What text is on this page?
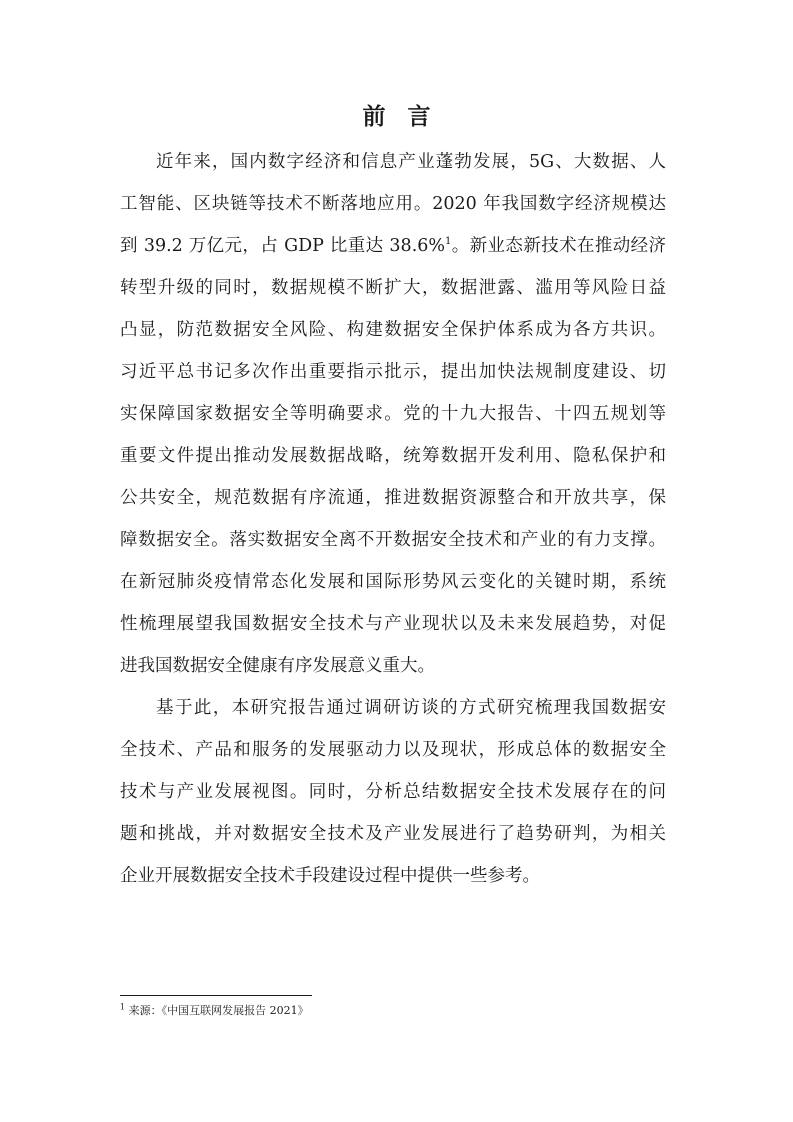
前 言
近年来，国内数字经济和信息产业蓬勃发展，5G、大数据、人
工智能、区块链等技术不断落地应用。2020 年我国数字经济规模达
到 39.2 万亿元，占 GDP 比重达 38.6%$^1$。新业态新技术在推动经济
转型升级的同时，数据规模不断扩大，数据泄露、滥用等风险日益
凸显，防范数据安全风险、构建数据安全保护体系成为各方共识。
习近平总书记多次作出重要指示批示，提出加快法规制度建设、切
实保障国家数据安全等明确要求。党的十九大报告、十四五规划等
重要文件提出推动发展数据战略，统筹数据开发利用、隐私保护和
公共安全，规范数据有序流通，推进数据资源整合和开放共享，保
障数据安全。落实数据安全离不开数据安全技术和产业的有力支撑。
在新冠肺炎疫情常态化发展和国际形势风云变化的关键时期，系统
性梳理展望我国数据安全技术与产业现状以及未来发展趋势，对促
进我国数据安全健康有序发展意义重大。
基于此，本研究报告通过调研访谈的方式研究梳理我国数据安
全技术、产品和服务的发展驱动力以及现状，形成总体的数据安全
技术与产业发展视图。同时，分析总结数据安全技术发展存在的问
题和挑战，并对数据安全技术及产业发展进行了趋势研判，为相关
企业开展数据安全技术手段建设过程中提供一些参考。
$^1$ 来源：《中国互联网发展报告 2021》
